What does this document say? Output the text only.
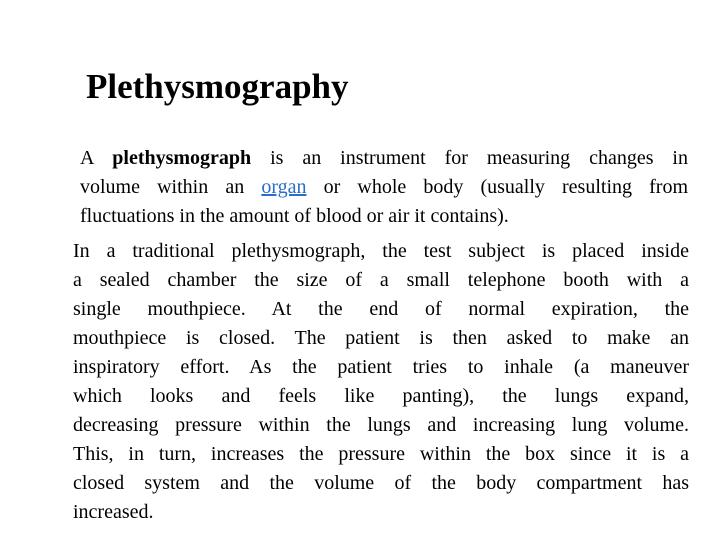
Plethysmography
A plethysmograph is an instrument for measuring changes in
volume within an organ or whole body (usually resulting from
fluctuations in the amount of blood or air it contains).
In a traditional plethysmograph, the test subject is placed inside
a sealed chamber the size of a small telephone booth with a
single mouthpiece. At the end of normal expiration, the
mouthpiece is closed. The patient is then asked to make an
inspiratory effort. As the patient tries to inhale (a maneuver
which looks and feels like panting), the lungs expand,
decreasing pressure within the lungs and increasing lung volume.
This, in turn, increases the pressure within the box since it is a
closed system and the volume of the body compartment has
increased.
